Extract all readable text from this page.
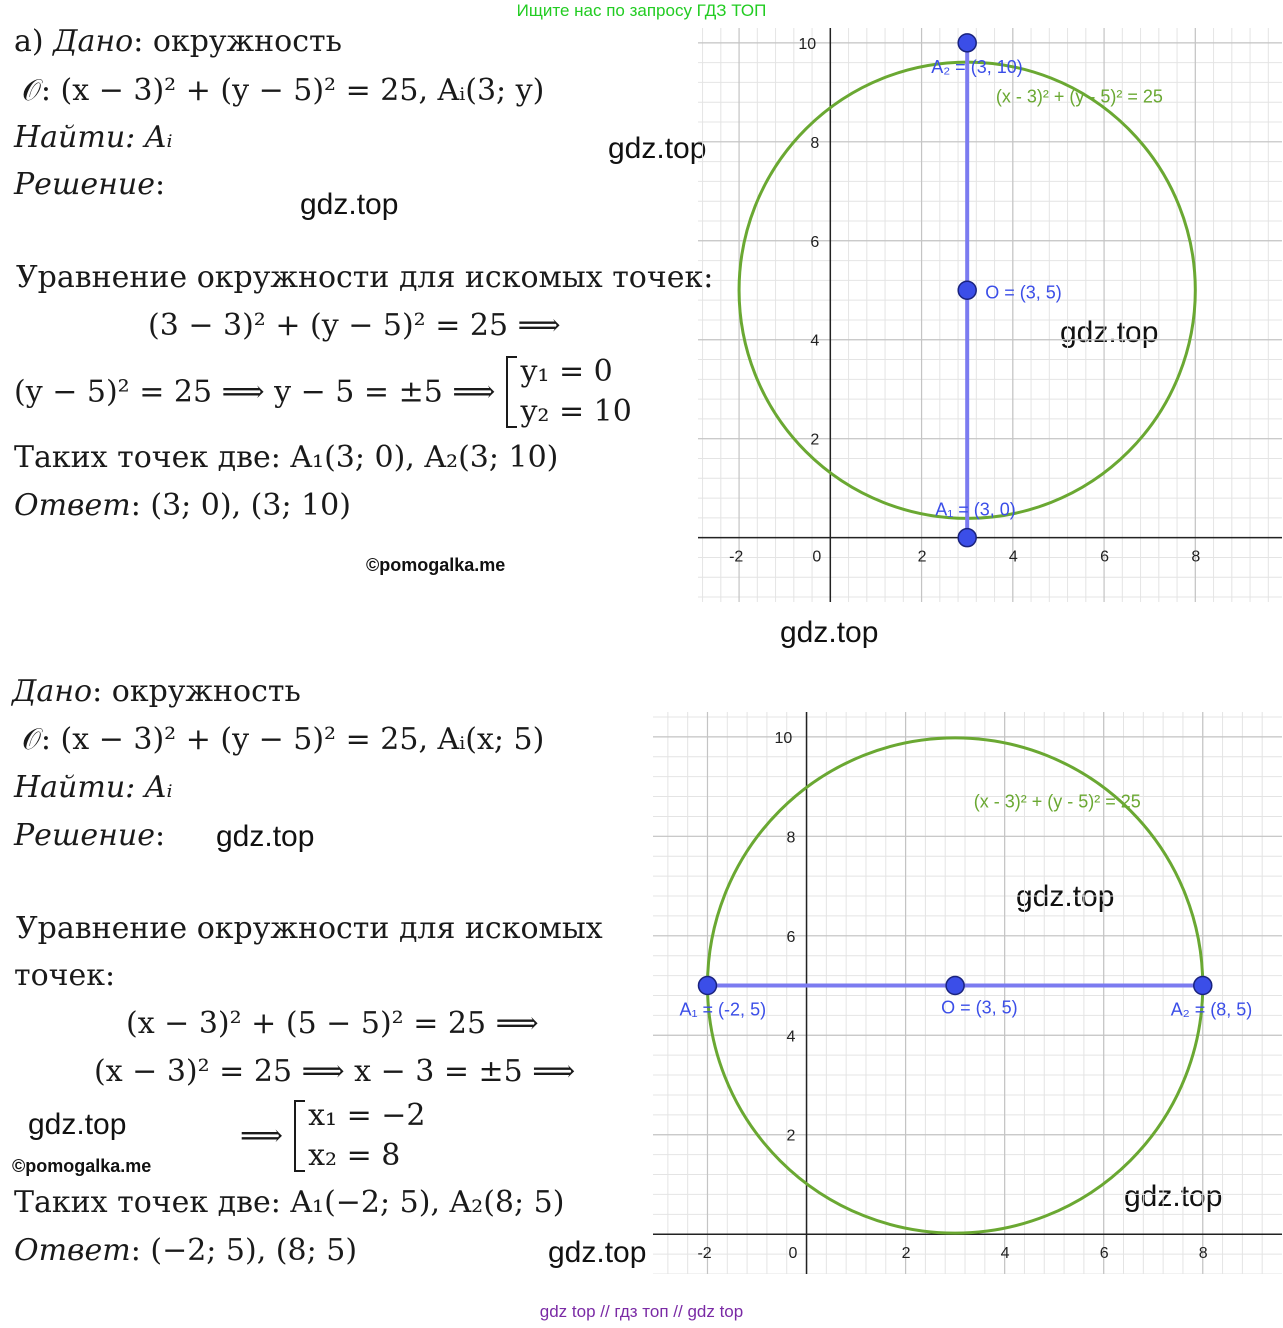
Ищите нас по запросу ГДЗ ТОП
gdz top // гдз топ // gdz top
а) Дано: окружность
𝒪: (x − 3)² + (y − 5)² = 25, Aᵢ(3; y)
Найти: Aᵢ
Решение:
Уравнение окружности для искомых точек:
(3 − 3)² + (y − 5)² = 25 ⟹
(y − 5)² = 25 ⟹ y − 5 = ±5 ⟹
y₁ = 0
y₂ = 10
Таких точек две: A₁(3; 0), A₂(3; 10)
Ответ: (3; 0), (3; 10)
Дано: окружность
𝒪: (x − 3)² + (y − 5)² = 25, Aᵢ(x; 5)
Найти: Aᵢ
Решение:
Уравнение окружности для искомых
точек:
(x − 3)² + (5 − 5)² = 25 ⟹
(x − 3)² = 25 ⟹ x − 3 = ±5 ⟹
⟹
x₁ = −2
x₂ = 8
Таких точек две: A₁(−2; 5), A₂(8; 5)
Ответ: (−2; 5), (8; 5)
gdz.top
gdz.top
gdz.top
gdz.top
gdz.top
gdz.top
gdz.top
gdz.top
gdz.top
©pomogalka.me
©pomogalka.me
-2	0	2	4	6	8
2
4
6
8
10
(x - 3)² + (y - 5)² = 25
A₂ = (3, 10)
O = (3, 5)
A₁ = (3, 0)
-2	0	2	4	6	8
2
4
6
8
10
(x - 3)² + (y - 5)² = 25
A₁ = (-2, 5)	O = (3, 5)	A₂ = (8, 5)
